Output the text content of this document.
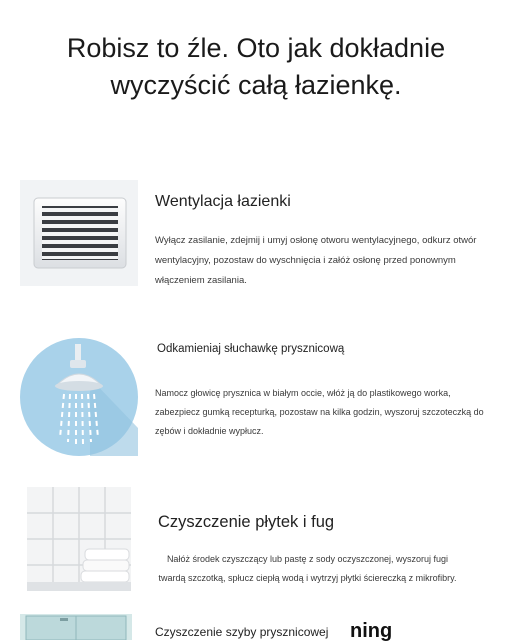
Robisz to źle. Oto jak dokładnie wyczyścić całą łazienkę.
Wentylacja łazienki
Wyłącz zasilanie, zdejmij i umyj osłonę otworu wentylacyjnego, odkurz otwór wentylacyjny, pozostaw do wyschnięcia i załóż osłonę przed ponownym włączeniem zasilania.
Odkamieniaj słuchawkę prysznicową
Namocz głowicę prysznica w białym occie, włóż ją do plastikowego worka, zabezpiecz gumką recepturką, pozostaw na kilka godzin, wyszoruj szczoteczką do zębów i dokładnie wypłucz.
Czyszczenie płytek i fug
Nałóż środek czyszczący lub pastę z sody oczyszczonej, wyszoruj fugi twardą szczotką, spłucz ciepłą wodą i wytrzyj płytki ściereczką z mikrofibry.
Czyszczenie szyby prysznicowej ning
